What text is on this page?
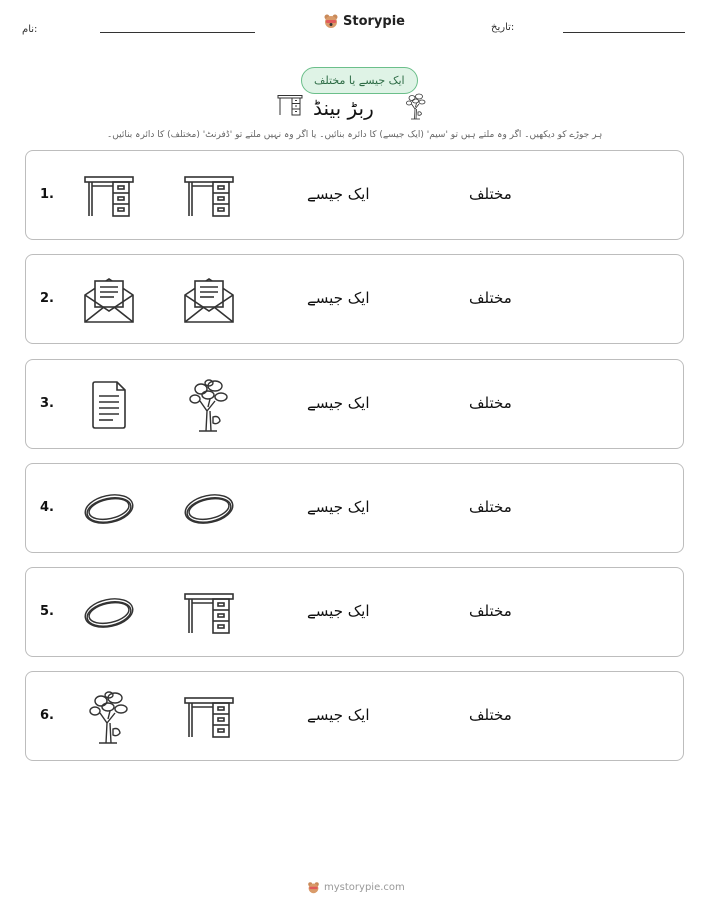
نام:
Storypie	تاریخ:
ایک جیسے یا مختلف
ربڑ بینڈ
ہر جوڑے کو دیکھیں۔ اگر وہ ملتے ہیں تو 'سیم' (ایک جیسے) کا دائرہ بنائیں۔ یا اگر وہ نہیں ملتے تو 'ڈفرنٹ' (مختلف) کا دائرہ بنائیں۔
1.	ایک جیسے	مختلف
2.	ایک جیسے	مختلف
3.	ایک جیسے	مختلف
4.	ایک جیسے	مختلف
5.	ایک جیسے	مختلف
6.	ایک جیسے	مختلف
mystorypie.com
